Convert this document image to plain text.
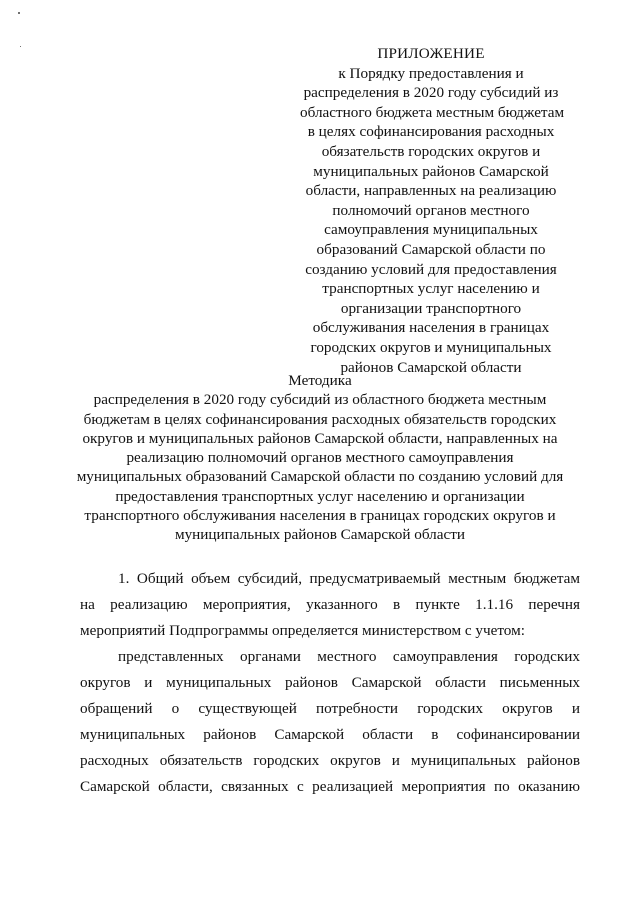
ПРИЛОЖЕНИЕ
к Порядку предоставления и
распределения в 2020 году субсидий из
областного бюджета местным бюджетам
в целях софинансирования расходных
обязательств городских округов и
муниципальных районов Самарской
области, направленных на реализацию
полномочий органов местного
самоуправления муниципальных
образований Самарской области по
созданию условий для предоставления
транспортных услуг населению и
организации транспортного
обслуживания населения в границах
городских округов и муниципальных
районов Самарской области
Методика
распределения в 2020 году субсидий из областного бюджета местным
бюджетам в целях софинансирования расходных обязательств городских
округов и муниципальных районов Самарской области, направленных на
реализацию полномочий органов местного самоуправления
муниципальных образований Самарской области по созданию условий для
предоставления транспортных услуг населению и организации
транспортного обслуживания населения в границах городских округов и
муниципальных районов Самарской области
1. Общий объем субсидий, предусматриваемый местным бюджетам
на реализацию мероприятия, указанного в пункте 1.1.16 перечня
мероприятий Подпрограммы определяется министерством с учетом:
представленных органами местного самоуправления городских
округов и муниципальных районов Самарской области письменных
обращений о существующей потребности городских округов и
муниципальных районов Самарской области в софинансировании
расходных обязательств городских округов и муниципальных районов
Самарской области, связанных с реализацией мероприятия по оказанию
